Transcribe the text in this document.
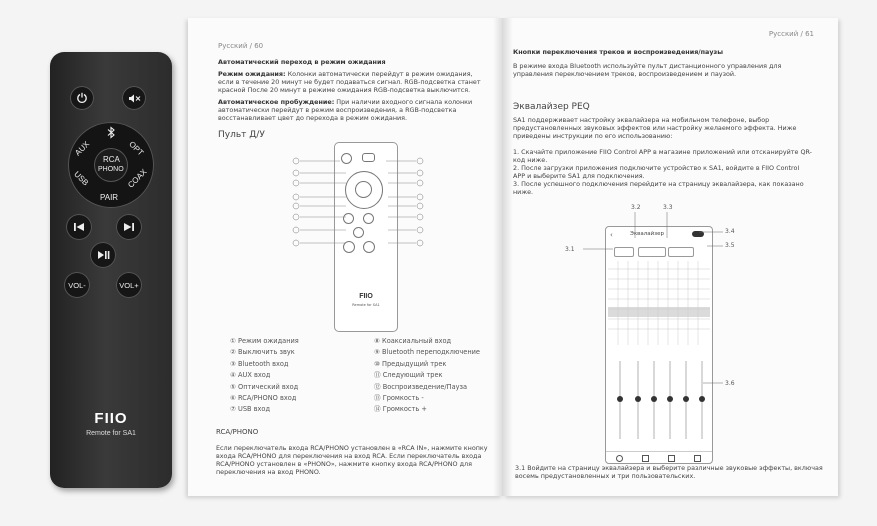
AUX	OPT
USB	COAX
RCA
PHONO
PAIR
VOL-	VOL+
FIIO
Remote for SA1
Русский / 60
Автоматический переход в режим ожидания
Режим ожидания: Колонки автоматически перейдут в режим ожидания, если в течение 20 минут не будет подаваться сигнал. RGB-подсветка станет красной После 20 минут в режиме ожидания RGB-подсветка выключится.
Автоматическое пробуждение: При наличии входного сигнала колонки автоматически перейдут в режим воспроизведения, а RGB-подсветка восстанавливает цвет до перехода в режим ожидания.
Пульт Д/У
FIIO
Remote for SA1
① Режим ожидания
② Выключить звук
③ Bluetooth вход
④ AUX вход
⑤ Оптический вход
⑥ RCA/PHONO вход
⑦ USB вход
⑧ Коаксиальный вход
⑨ Bluetooth переподключение
⑩ Предыдущий трек
⑪ Следующий трек
⑫ Воспроизведение/Пауза
⑬ Громкость -
⑭ Громкость +
RCA/PHONO
Если переключатель входа RCA/PHONO установлен в «RCA IN», нажмите кнопку входа RCA/PHONO для переключения на вход RCA. Если переключатель входа RCA/PHONO установлен в «PHONO», нажмите кнопку входа RCA/PHONO для переключения на вход PHONO.
Русский / 61
Кнопки переключения треков и воспроизведения/паузы
В режиме входа Bluetooth используйте пульт дистанционного управления для управления переключением треков, воспроизведением и паузой.
Эквалайзер PEQ
SA1 поддерживает настройку эквалайзера на мобильном телефоне, выбор предустановленных звуковых эффектов или настройку желаемого эффекта. Ниже приведены инструкции по его использованию:
1. Скачайте приложение FIIO Control APP в магазине приложений или отсканируйте QR-код ниже.
2. После загрузки приложения подключите устройство к SA1, войдите в FIIO Control APP и выберите SA1 для подключения.
3. После успешного подключения перейдите на страницу эквалайзера, как показано ниже.
‹	Эквалайзер
3.2	3.3
3.4
3.5
3.1
3.6
3.1 Войдите на страницу эквалайзера и выберите различные звуковые эффекты, включая восемь предустановленных и три пользовательских.
